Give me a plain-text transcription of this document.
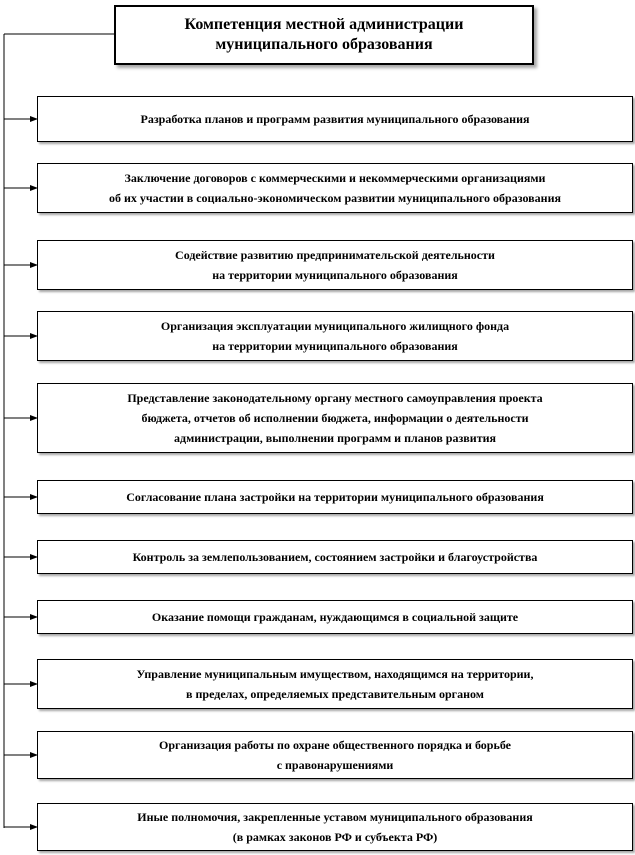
Компетенция местной администрации
муниципального образования
Разработка планов и программ развития муниципального образования
Заключение договоров с коммерческими и некоммерческими организациями
об их участии в социально-экономическом развитии муниципального образования
Содействие развитию предпринимательской деятельности
на территории муниципального образования
Организация эксплуатации муниципального жилищного фонда
на территории муниципального образования
Представление законодательному органу местного самоуправления проекта
бюджета, отчетов об исполнении бюджета, информации о деятельности
администрации, выполнении программ и планов развития
Согласование плана застройки на территории муниципального образования
Контроль за землепользованием, состоянием застройки и благоустройства
Оказание помощи гражданам, нуждающимся в социальной защите
Управление муниципальным имуществом, находящимся на территории,
в пределах, определяемых представительным органом
Организация работы по охране общественного порядка и борьбе
с правонарушениями
Иные полномочия, закрепленные уставом муниципального образования
(в рамках законов РФ и субъекта РФ)
